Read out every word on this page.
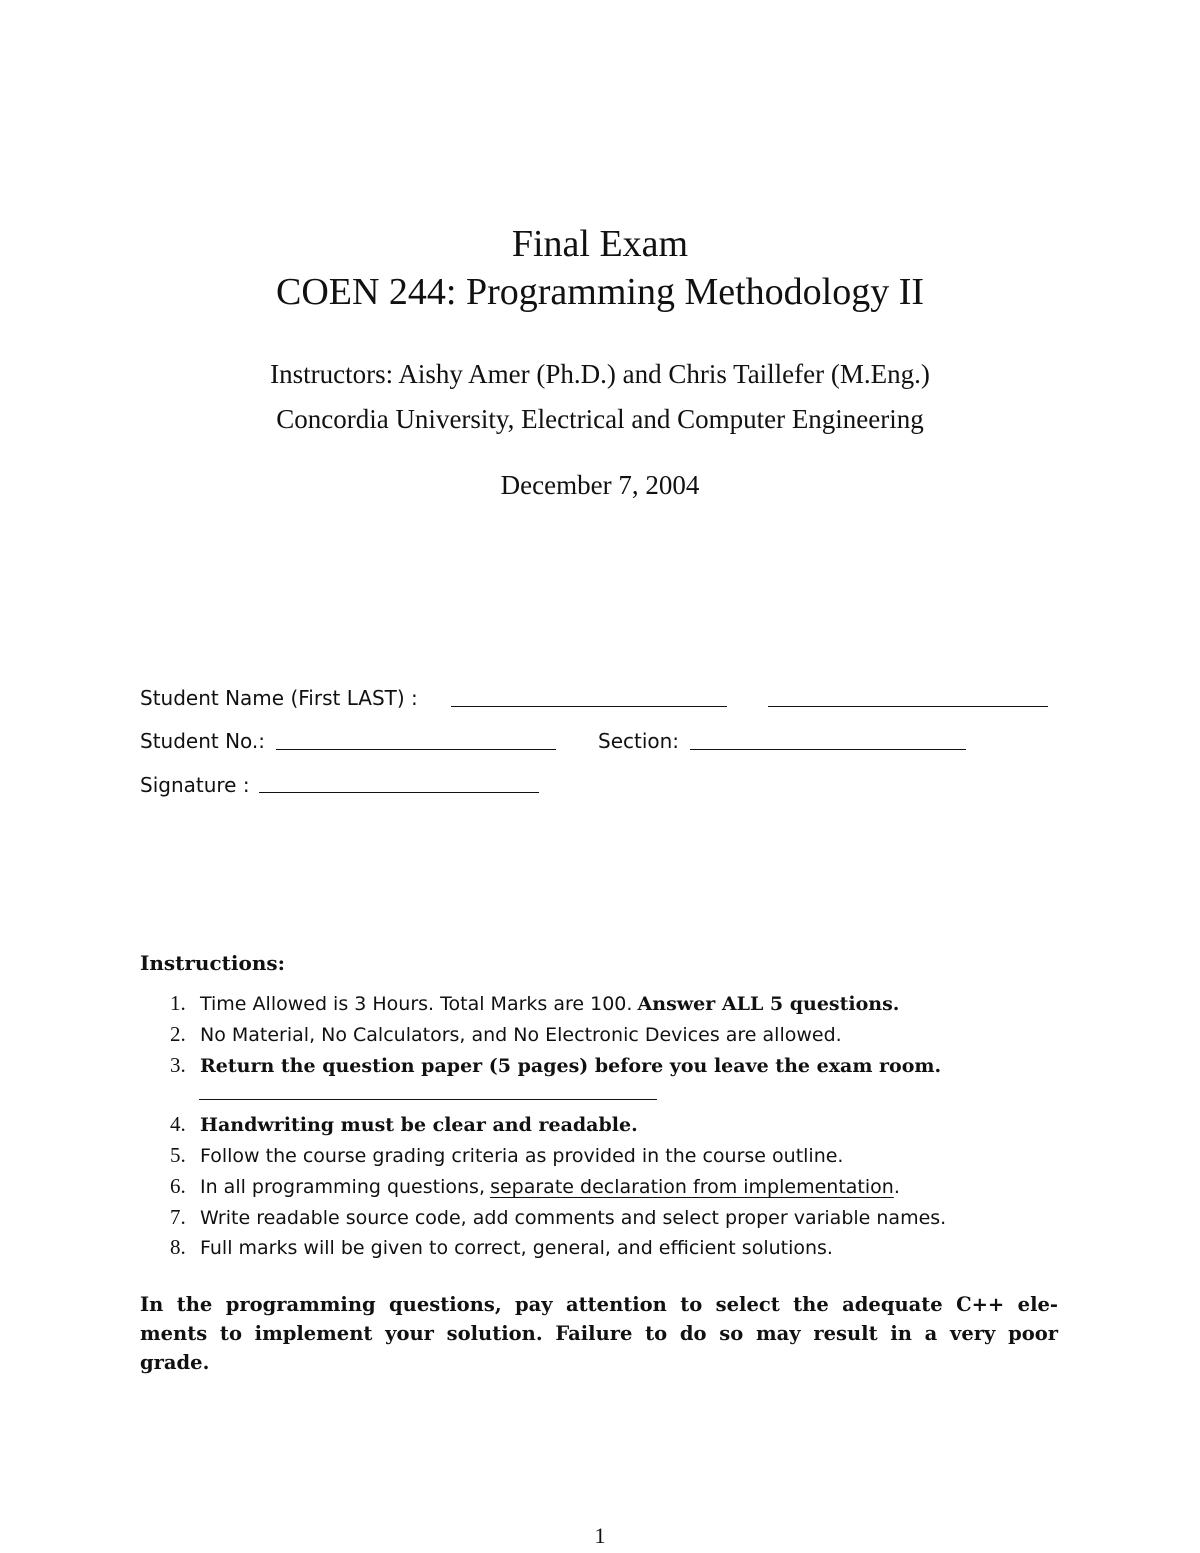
Final Exam
COEN 244: Programming Methodology II
Instructors: Aishy Amer (Ph.D.) and Chris Taillefer (M.Eng.)
Concordia University, Electrical and Computer Engineering
December 7, 2004
Student Name (First LAST) :
Student No.:	Section:
Signature :
Instructions:
1. Time Allowed is 3 Hours. Total Marks are 100. Answer ALL 5 questions.
2. No Material, No Calculators, and No Electronic Devices are allowed.
3. Return the question paper (5 pages) before you leave the exam room.
4. Handwriting must be clear and readable.
5. Follow the course grading criteria as provided in the course outline.
6. In all programming questions, separate declaration from implementation.
7. Write readable source code, add comments and select proper variable names.
8. Full marks will be given to correct, general, and efficient solutions.
In the programming questions, pay attention to select the adequate C++ ele-
ments to implement your solution. Failure to do so may result in a very poor
grade.
1
